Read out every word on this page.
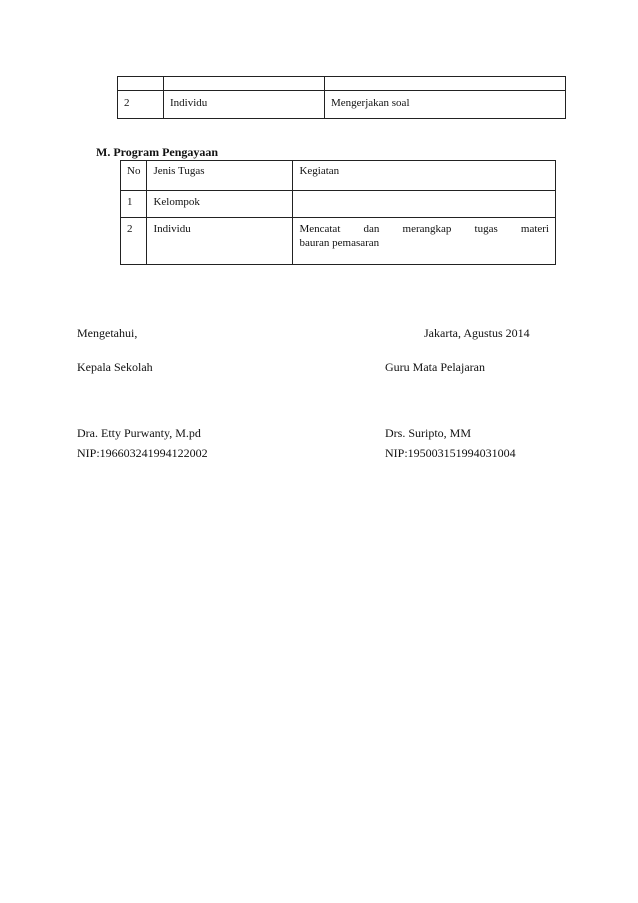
2	Individu	Mengerjakan soal

M. Program Pengayaan

No	Jenis Tugas	Kegiatan
1	Kelompok	
2	Individu	Mencatat dan merangkap tugas materi
bauran pemasaran

Mengetahui,	Jakarta, Agustus 2014

Kepala Sekolah	Guru Mata Pelajaran

Dra. Etty Purwanty, M.pd	Drs. Suripto, MM

NIP:196603241994122002	NIP:195003151994031004
